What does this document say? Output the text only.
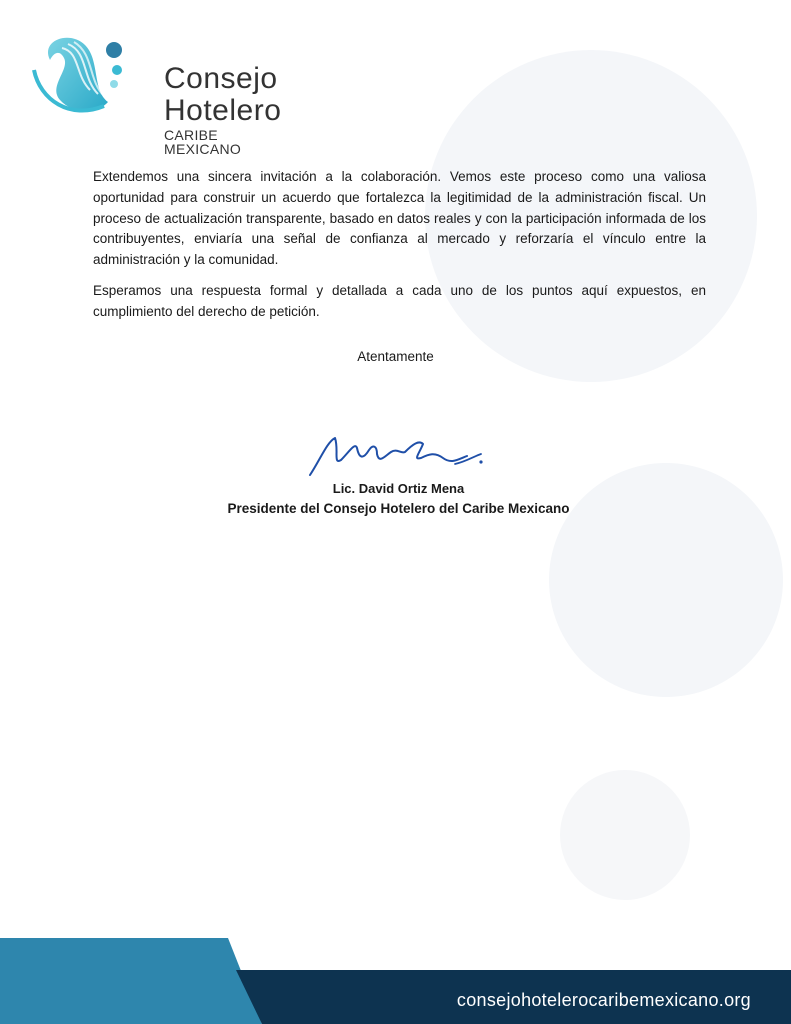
Consejo
Hotelero
CARIBE MEXICANO

Extendemos una sincera invitación a la colaboración. Vemos este proceso como una valiosa oportunidad para construir un acuerdo que fortalezca la legitimidad de la administración fiscal. Un proceso de actualización transparente, basado en datos reales y con la participación informada de los contribuyentes, enviaría una señal de confianza al mercado y reforzaría el vínculo entre la administración y la comunidad.

Esperamos una respuesta formal y detallada a cada uno de los puntos aquí expuestos, en cumplimiento del derecho de petición.

Atentamente
Lic. David Ortiz Mena
Presidente del Consejo Hotelero del Caribe Mexicano
consejohotelerocaribemexicano.org
